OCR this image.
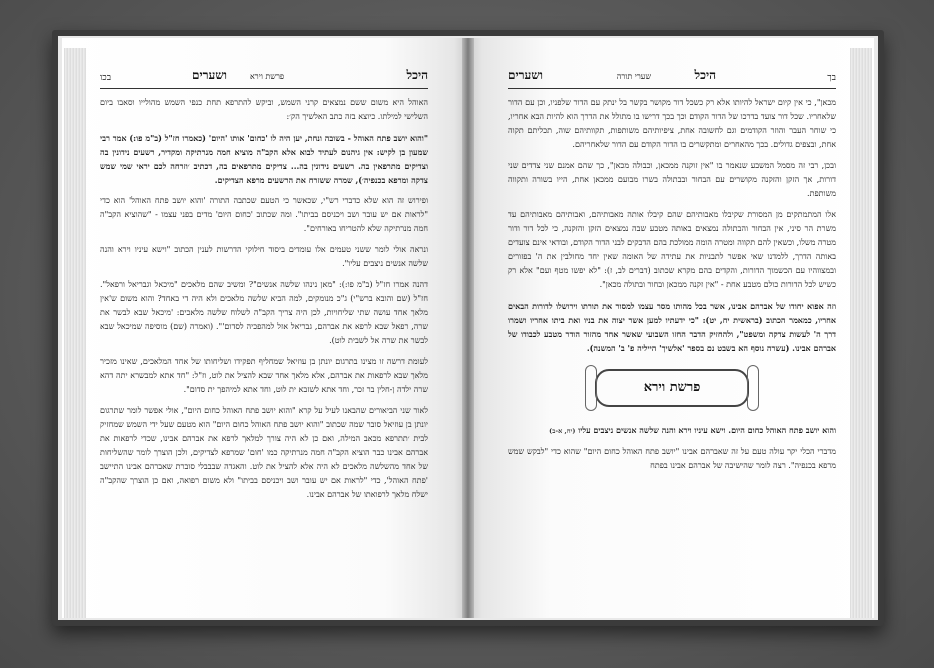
בכו	ושערים	פרשת וירא	היכל

האוהל היא משום ששם נמצאים קרני השמש, וביקש להתרפא תחת כנפי השמש מהולייו וסאבו ביום השלישי למילתו. כיוצא בזה כתב האלשיך הק׳:

"והוא יושב פתח האוהל - בשובה ונחת, יען היה לו 'כחום' אותו 'היום' (כאמרו חז"ל (ב"מ פו:) אמר רבי שמעון בן לקיש: אין גיהנום לעתיד לבוא אלא הקב"ה מוציא חמה מנרתיקה ומקדיר, רשעים נידונין בה וצדיקים מתרפאין בה. רשעים נידונין בה... צדיקים מתרפאים בה, דכתיב ׳וזרחה לכם יראי שמי שמש צדקה ומרפא בכנפיה׳), שמרה ששזרח את הרשעים מרפא הצדיקים.

ופירוש זה הוא שלא כדברי רש"י, שכאשר כי הטעם שכתבה התורה 'והוא יושב פתח האוהל' הוא כדי "לראות אם יש עובר ושב ויכניסם בביתו". ומה שכתוב 'כחום היום' מדים בפני עצמו - "שהוציא הקב"ה חמה מנרתיקה שלא להטריחו באורחים".

ונראה אולי לומר ששני טעמים אלו עומדים ביסוד חילוקי הדרשות לענין הכתוב "וישא עיניו וירא והנה שלשה אנשים ניצבים עליו".

דהנה אמרו חז"ל (ב"מ פו:): "מאן נינהו שלשה אנשים"? ומשיב שהם מלאכים "מיכאל וגבריאל ורפאל". חז"ל (שם והובא ברש"י) ג"כ מנומקים, למה הביא שלשה מלאכים ולא היה די באחד? והוא משום ש'אין מלאך אחד עושה שתי שליחויות, לכן היה צריך הקב"ה לשלוח שלשה מלאכים: 'מיכאל שבא לבשר את שרה, רפאל שבא לרפא את אברהם, גבריאל אזל למהפכיה לסדום'". (ואמרה (שם) מוסיפה שמיכאל שבא לבשר את שרה אל לשבית לוט).

לעומת דרשה זו מצינו בתרגום יונתן בן עוזיאל שמחליף תפקידו ושליחותו של אחד המלאכים, שאינו מזכיר מלאך שבא לרפאות את אברהם, אלא מלאך אחד שבא להציל את לוט, וז"ל: "חד אתא למבשרא יתה דהא שרה ילדה ן-חלין בר זכר, וחד אתא לשזבא ית לוט, וחד אתא למיהפך ית סדום".

לאור שני הביאורים שהבאנו לעיל על קרא "והוא יושב פתח האוהל כחום היום", אולי אפשר לומר שתרגום יונתן בן עוזיאל סובר שמה שכתוב "והוא יושב פתח האוהל כחום היום" הוא מטעם שעל ידי השמש שמחזיק לבית ׳תתרפא מכאב המילה, ואם כן לא היה צורך למלאך לרפא את אברהם אבינו, שכדי לרפאות את אברהם אבינו כבר הוציא הקב"ה חמה מנרתיקה כמו 'חום' שמרפא לצדיקים, ולכן הוצרך לומר שהשליחות של אחד מהשלשה מלאכים לא היה אלא להציל את לוט. והאגדה שבבבלי סוברת שאברהם אבינו התיישב 'פתח האוהל', כדי "לראות אם יש עובר ושב ויכניסם בביתו" ולא משום רפואה, ואם כן הוצרך שהקב"ה ישלח מלאך לרפואתו של אברהם אבינו.

בך
היכל
שערי תורה
ושערים

מכאן", כי אין קיום ישראל להיותו אלא רק כשכל דור מקושר בקשר בל ינתק עם הדור שלפניו, וכן עם הדור שלאחריו. שכל דור צועד בדרכו של הדור הקודם וכך בכך דרישו בו מתולל את הדרך הוא להיות הבא אחריו, כי שוחר העבר והוזר הקודמים וגם לחשובה אחת, ציפיותיהם משותפות, תקוותיהם שוה, תכליתם תקוה אחת, ובצפים גדולים. בכך מהאחרים ומתקשרים בו הדור הקודם עם הדור שלאחריהם.

ובכן, רבי זה מסמל המשבע שנאמר בו "אין זוקנה ממכאן, וכבולה מכאן", כך שהם אמנם שני צדדים שני דורות, אך הזקן והזקנה מקושרים עם הבחור ובבתולה בשרו מבועם ממכאן אחת, הייו בשורה ותקווה משותפת.

אלו המתמתקים מן המסורת שקיבלו מאבותיהם שהם קיבלו אותה מאבותיהם, ואבותיהם מאבותיהם עד משרת הר סיני, אין הבחור והבתולה נמצאים באותה מטבע שבה נמצאים הזקן והזקנה, כי לכל דור ודור מטרה משלו, וכשאין להם תקווה ומטרה הומה ממולכת בהם הדבקים לבני הדור הקודם, ובודאי אינם צועדים באותה הדרך, ללמדנו שאי אפשר לתבניות את עתידה של האומה שאין יחד מחולבין את ה' בפזורים ובמצווהיו עם הכשמוך הדורות, והקדים בהם מקרא שכתוב (דברים לב, ז): "לא יפשו מטף ועם" אלא רק כשיש לכל הדורות כולם מטבע אחת - "אין זקנה ממכאן ובחור ובתולה מכאן".

וזה אפוא יחודו של אברהם אבינו, אשר בכל מהותו מסר עצמו למסור את תורתו וירושלו לדורות הבאים אחריו, כמאמר הכתוב (בראשית יח, יט): "כי ידעתיו למען אשר יצוה את בניו ואת ביתו אחריו ושמרו דרך ה' לעשות צדקה ומשפט", ולהחזיק הדבר החזו השבועי שאשר אחד מהזור הודר מטבע לכבודו של אברהם אבינו. (עשרה נוסף הא בשבט נם בספר 'אלשיך' הייליה פ' ב' המשנה).

פרשת וירא

והוא יושב פתח האוהל כחום היום. וישא עיניו וירא והנה שלשה אנשים ניצבים עליו (יח, א-ב)

מדברי הכלי יקר עולה טעם על זה שאברהם אבינו "יושב פתח האוהל כחום היום" שהוא כדי "לבקש שמש מרפא בכנפיה". רצה לומר שהישיבה של אברהם אבינו בפתח
